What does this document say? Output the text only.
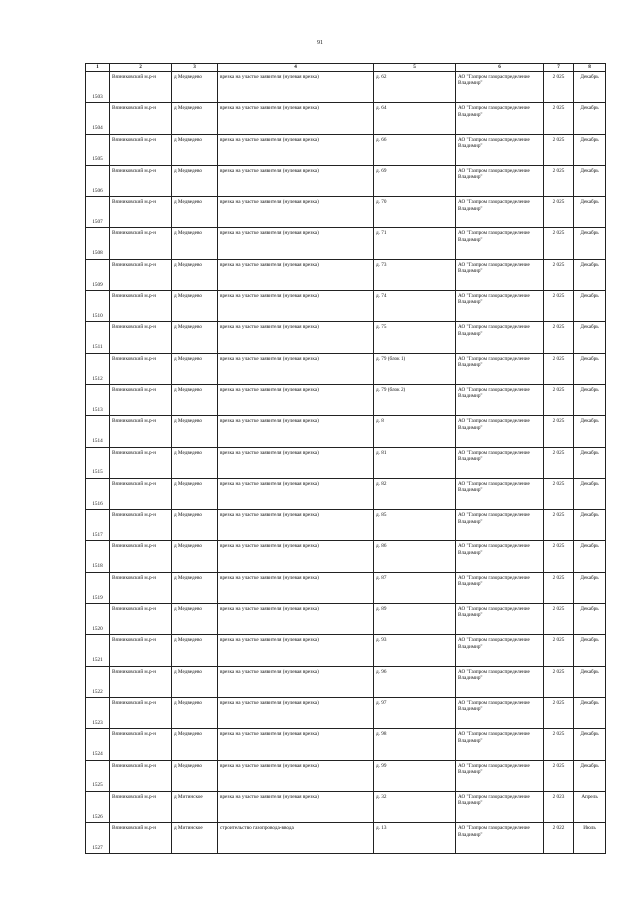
91
1	2	3	4	5	6	7	8

1503	Вязниковский м.р-н	д Медведево	врезка на участке заявителя (нулевая врезка)	д. 62	АО "Газпром газораспределение Владимир"	2 025	Декабрь

1504	Вязниковский м.р-н	д Медведево	врезка на участке заявителя (нулевая врезка)	д. 64	АО "Газпром газораспределение Владимир"	2 025	Декабрь

1505	Вязниковский м.р-н	д Медведево	врезка на участке заявителя (нулевая врезка)	д. 66	АО "Газпром газораспределение Владимир"	2 025	Декабрь

1506	Вязниковский м.р-н	д Медведево	врезка на участке заявителя (нулевая врезка)	д. 69	АО "Газпром газораспределение Владимир"	2 025	Декабрь

1507	Вязниковский м.р-н	д Медведево	врезка на участке заявителя (нулевая врезка)	д. 70	АО "Газпром газораспределение Владимир"	2 025	Декабрь

1508	Вязниковский м.р-н	д Медведево	врезка на участке заявителя (нулевая врезка)	д. 71	АО "Газпром газораспределение Владимир"	2 025	Декабрь

1509	Вязниковский м.р-н	д Медведево	врезка на участке заявителя (нулевая врезка)	д. 73	АО "Газпром газораспределение Владимир"	2 025	Декабрь

1510	Вязниковский м.р-н	д Медведево	врезка на участке заявителя (нулевая врезка)	д. 74	АО "Газпром газораспределение Владимир"	2 025	Декабрь

1511	Вязниковский м.р-н	д Медведево	врезка на участке заявителя (нулевая врезка)	д. 75	АО "Газпром газораспределение Владимир"	2 025	Декабрь

1512	Вязниковский м.р-н	д Медведево	врезка на участке заявителя (нулевая врезка)	д. 79 (блок 1)	АО "Газпром газораспределение Владимир"	2 025	Декабрь

1513	Вязниковский м.р-н	д Медведево	врезка на участке заявителя (нулевая врезка)	д. 79 (блок 2)	АО "Газпром газораспределение Владимир"	2 025	Декабрь

1514	Вязниковский м.р-н	д Медведево	врезка на участке заявителя (нулевая врезка)	д. 8	АО "Газпром газораспределение Владимир"	2 025	Декабрь

1515	Вязниковский м.р-н	д Медведево	врезка на участке заявителя (нулевая врезка)	д. 81	АО "Газпром газораспределение Владимир"	2 025	Декабрь

1516	Вязниковский м.р-н	д Медведево	врезка на участке заявителя (нулевая врезка)	д. 82	АО "Газпром газораспределение Владимир"	2 025	Декабрь

1517	Вязниковский м.р-н	д Медведево	врезка на участке заявителя (нулевая врезка)	д. 85	АО "Газпром газораспределение Владимир"	2 025	Декабрь

1518	Вязниковский м.р-н	д Медведево	врезка на участке заявителя (нулевая врезка)	д. 86	АО "Газпром газораспределение Владимир"	2 025	Декабрь

1519	Вязниковский м.р-н	д Медведево	врезка на участке заявителя (нулевая врезка)	д. 87	АО "Газпром газораспределение Владимир"	2 025	Декабрь

1520	Вязниковский м.р-н	д Медведево	врезка на участке заявителя (нулевая врезка)	д. 89	АО "Газпром газораспределение Владимир"	2 025	Декабрь

1521	Вязниковский м.р-н	д Медведево	врезка на участке заявителя (нулевая врезка)	д. 93	АО "Газпром газораспределение Владимир"	2 025	Декабрь

1522	Вязниковский м.р-н	д Медведево	врезка на участке заявителя (нулевая врезка)	д. 96	АО "Газпром газораспределение Владимир"	2 025	Декабрь

1523	Вязниковский м.р-н	д Медведево	врезка на участке заявителя (нулевая врезка)	д. 97	АО "Газпром газораспределение Владимир"	2 025	Декабрь

1524	Вязниковский м.р-н	д Медведево	врезка на участке заявителя (нулевая врезка)	д. 98	АО "Газпром газораспределение Владимир"	2 025	Декабрь

1525	Вязниковский м.р-н	д Медведево	врезка на участке заявителя (нулевая врезка)	д. 99	АО "Газпром газораспределение Владимир"	2 025	Декабрь

1526	Вязниковский м.р-н	д Митинское	врезка на участке заявителя (нулевая врезка)	д. 32	АО "Газпром газораспределение Владимир"	2 023	Апрель

1527	Вязниковский м.р-н	д Митинское	строительство газопровода-ввода	д. 13	АО "Газпром газораспределение Владимир"	2 022	Июль
